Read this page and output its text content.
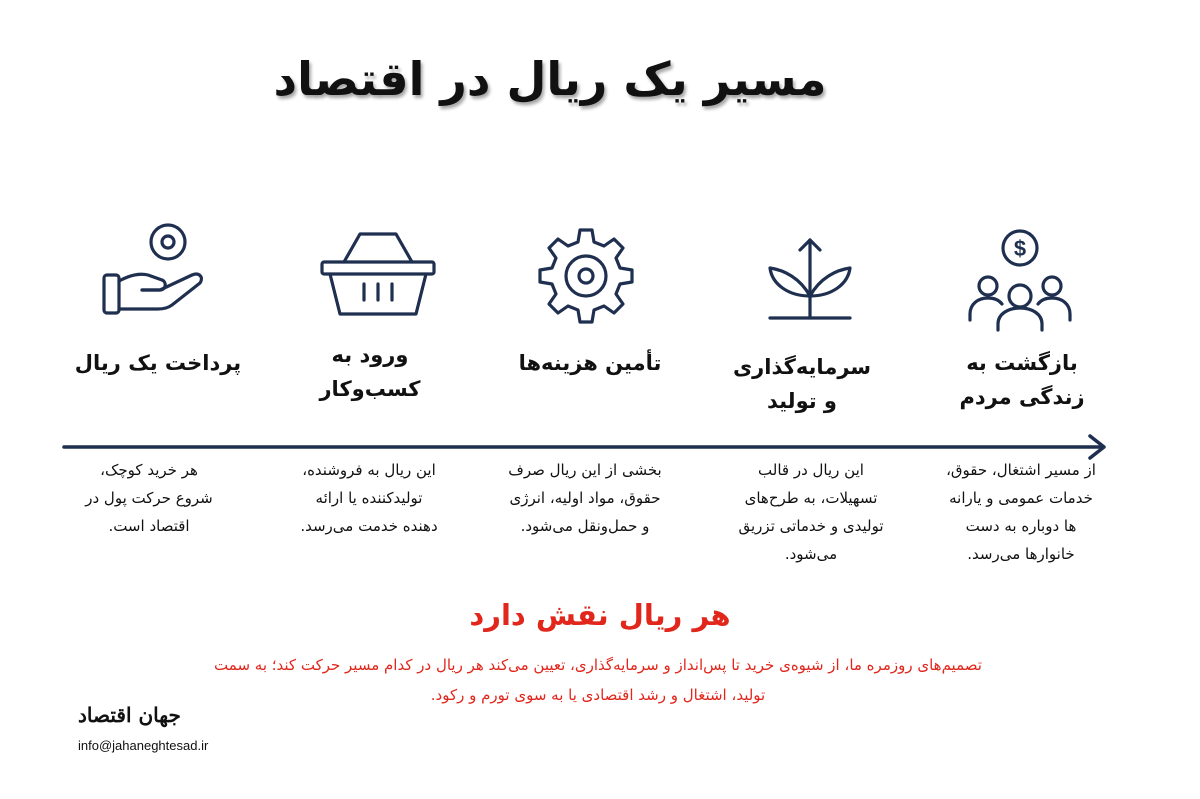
مسیر یک ریال در اقتصاد
$
پرداخت یک ریال	ورود به
کسب‌وکار
تأمین هزینه‌ها	سرمایه‌گذاری
و تولید
بازگشت به
زندگی مردم
هر خرید کوچک،
شروع حرکت پول در
اقتصاد است.
این ریال به فروشنده،
تولیدکننده یا ارائه
دهنده خدمت می‌رسد.
بخشی از این ریال صرف
حقوق، مواد اولیه، انرژی
و حمل‌ونقل می‌شود.
این ریال در قالب
تسهیلات، به طرح‌های
تولیدی و خدماتی تزریق
می‌شود.
از مسیر اشتغال، حقوق،
خدمات عمومی و یارانه
ها دوباره به دست
خانوارها می‌رسد.
هر ریال نقش دارد
تصمیم‌های روزمره ما، از شیوه‌ی خرید تا پس‌انداز و سرمایه‌گذاری، تعیین می‌کند هر ریال در کدام مسیر حرکت کند؛ به سمت
تولید، اشتغال و رشد اقتصادی یا به سوی تورم و رکود.
جهان اقتصاد
info@jahaneghtesad.ir
